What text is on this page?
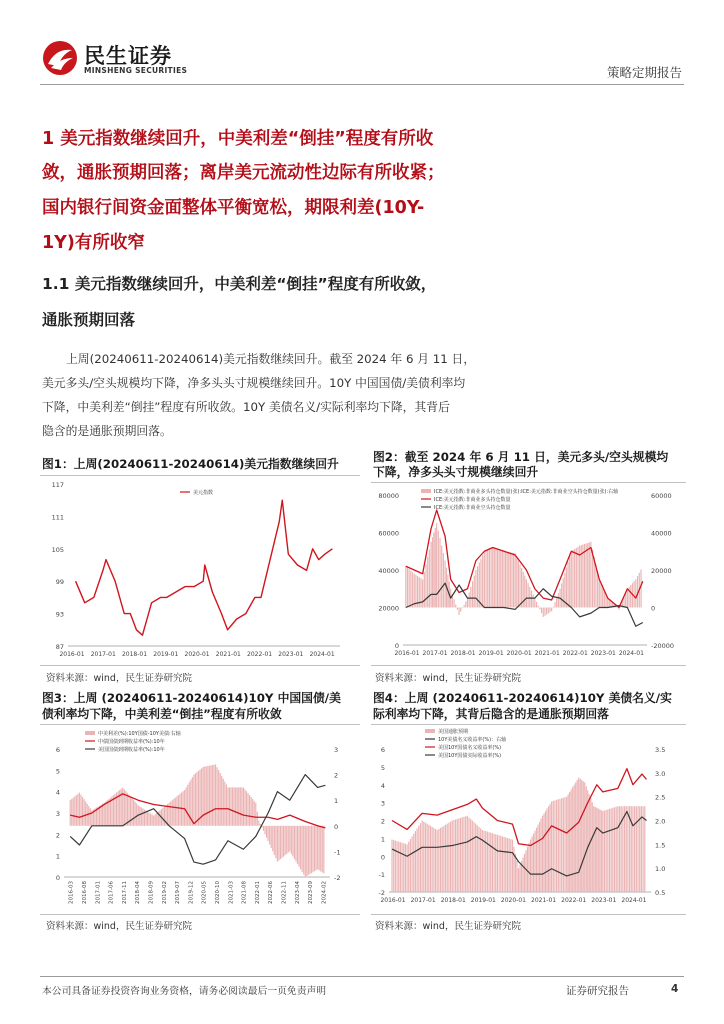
民生证券
MINSHENG SECURITIES	策略定期报告
1 美元指数继续回升，中美利差“倒挂”程度有所收
敛，通胀预期回落；离岸美元流动性边际有所收紧；
国内银行间资金面整体平衡宽松，期限利差(10Y-
1Y)有所收窄
1.1 美元指数继续回升，中美利差“倒挂”程度有所收敛，
通胀预期回落
上周(20240611-20240614)美元指数继续回升。截至 2024 年 6 月 11 日，
美元多头/空头规模均下降，净多头头寸规模继续回升。10Y 中国国债/美债利率均
下降，中美利差“倒挂”程度有所收敛。10Y 美债名义/实际利率均下降，其背后
隐含的是通胀预期回落。
图1：上周(20240611-20240614)美元指数继续回升
87
93
99
105
111
117
2016-01 2017-01 2018-01 2019-01 2020-01 2021-01 2022-01 2023-01 2024-01
美元指数
资料来源：wind，民生证券研究院
图2：截至 2024 年 6 月 11 日，美元多头/空头规模均
下降，净多头头寸规模继续回升
0
20000
40000
60000
80000
-20000
0
20000
40000
60000
2016-01 2017-01 2018-01 2019-01 2020-01 2021-01 2022-01 2023-01 2024-01
ICE:美元指数:非商业多头持仓数量(张):ICE:美元指数:非商业空头持仓数量(张):右轴
ICE:美元指数:非商业多头持仓数量
ICE:美元指数:非商业空头持仓数量
资料来源：wind，民生证券研究院
图3：上周 (20240611-20240614)10Y 中国国债/美
债利率均下降，中美利差“倒挂”程度有所收敛
0
1
2
3
4
5
6
-2
-1
0
1
2
3
2016-03 2016-08 2017-01 2017-06 2017-11 2018-04 2018-09 2019-02 2019-07 2019-12 2020-05 2020-10 2021-03 2021-08 2022-01 2022-06 2022-11 2023-04 2023-09 2024-02
中美利差(%):10Y国债-10Y美债:右轴
中债国债到期收益率(%):10年
美国国债到期收益率(%):10年
资料来源：wind，民生证券研究院
图4：上周 (20240611-20240614)10Y 美债名义/实
际利率均下降，其背后隐含的是通胀预期回落
-2
-1
0
1
2
3
4
5
6
0.5
1.0
1.5
2.0
2.5
3.0
3.5
2016-01 2017-01 2018-01 2019-01 2020-01 2021-01 2022-01 2023-01 2024-01
美国通胀预期
10Y美债名义收益率(%)：右轴
美国10Y国债名义收益率(%)
美国10Y国债实际收益率(%)
资料来源：wind，民生证券研究院
本公司具备证券投资咨询业务资格，请务必阅读最后一页免责声明	证券研究报告	4
